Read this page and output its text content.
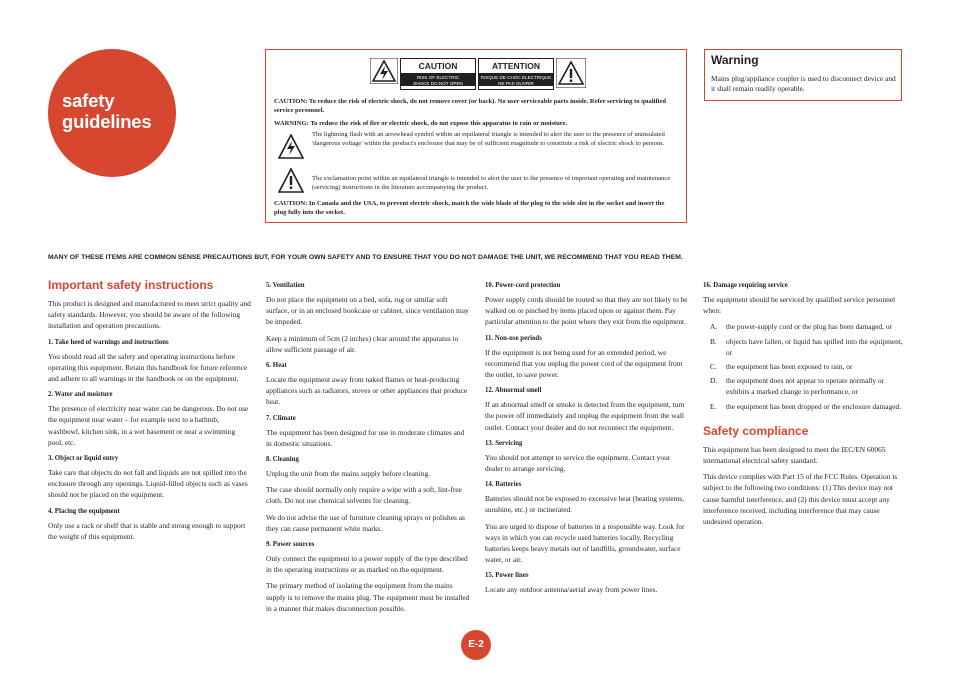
safety guidelines
CAUTION
RISK OF ELECTRIC
SHOCK DO NOT OPEN
ATTENTION
RISQUE DE CHOC ELECTRIQUE
NE PAS OUVRIR
CAUTION: To reduce the risk of electric shock, do not remove cover (or back). No user serviceable parts inside. Refer servicing to qualified service personnel.
WARNING: To reduce the risk of fire or electric shock, do not expose this apparatus to rain or moisture.
The lightning flash with an arrowhead symbol within an equilateral triangle is intended to alert the user to the presence of uninsulated 'dangerous voltage' within the product's enclosure that may be of sufficient magnitude to constitute a risk of electric shock to persons.
The exclamation point within an equilateral triangle is intended to alert the user to the presence of important operating and maintenance (servicing) instructions in the literature accompanying the product.
CAUTION: In Canada and the USA, to prevent electric shock, match the wide blade of the plug to the wide slot in the socket and insert the plug fully into the socket.
Warning
Mains plug/appliance coupler is used to disconnect device and it shall remain readily operable.
MANY OF THESE ITEMS ARE COMMON SENSE PRECAUTIONS BUT, FOR YOUR OWN SAFETY AND TO ENSURE THAT YOU DO NOT DAMAGE THE UNIT, WE RECOMMEND THAT YOU READ THEM.
Important safety instructions
This product is designed and manufactured to meet strict quality and safety standards. However, you should be aware of the following installation and operation precautions.
1. Take heed of warnings and instructions
You should read all the safety and operating instructions before operating this equipment. Retain this handbook for future reference and adhere to all warnings in the handbook or on the equipment.
2. Water and moisture
The presence of electricity near water can be dangerous. Do not use the equipment near water – for example next to a bathtub, washbowl, kitchen sink, in a wet basement or near a swimming pool, etc.
3. Object or liquid entry
Take care that objects do not fall and liquids are not spilled into the enclosure through any openings. Liquid-filled objects such as vases should not be placed on the equipment.
4. Placing the equipment
Only use a rack or shelf that is stable and strong enough to support the weight of this equipment.
5. Ventilation
Do not place the equipment on a bed, sofa, rug or similar soft surface, or in an enclosed bookcase or cabinet, since ventilation may be impeded.
Keep a minimum of 5cm (2 inches) clear around the apparatus to allow sufficient passage of air.
6. Heat
Locate the equipment away from naked flames or heat-producing appliances such as radiators, stoves or other appliances that produce heat.
7. Climate
The equipment has been designed for use in moderate climates and in domestic situations.
8. Cleaning
Unplug the unit from the mains supply before cleaning.
The case should normally only require a wipe with a soft, lint-free cloth. Do not use chemical solvents for cleaning.
We do not advise the use of furniture cleaning sprays or polishes as they can cause permanent white marks.
9. Power sources
Only connect the equipment to a power supply of the type described in the operating instructions or as marked on the equipment.
The primary method of isolating the equipment from the mains supply is to remove the mains plug. The equipment must be installed in a manner that makes disconnection possible.
10. Power-cord protection
Power supply cords should be routed so that they are not likely to be walked on or pinched by items placed upon or against them. Pay particular attention to the point where they exit from the equipment.
11. Non-use periods
If the equipment is not being used for an extended period, we recommend that you unplug the power cord of the equipment from the outlet, to save power.
12. Abnormal smell
If an abnormal smell or smoke is detected from the equipment, turn the power off immediately and unplug the equipment from the wall outlet. Contact your dealer and do not reconnect the equipment.
13. Servicing
You should not attempt to service the equipment. Contact your dealer to arrange servicing.
14. Batteries
Batteries should not be exposed to excessive heat (heating systems, sunshine, etc.) or incinerated.
You are urged to dispose of batteries in a responsible way. Look for ways in which you can recycle used batteries locally. Recycling batteries keeps heavy metals out of landfills, groundwater, surface water, or air.
15. Power lines
Locate any outdoor antenna/aerial away from power lines.
16. Damage requiring service
The equipment should be serviced by qualified service personnel when:
A.	the power-supply cord or the plug has been damaged, or
B.	objects have fallen, or liquid has spilled into the equipment, or
C.	the equipment has been exposed to rain, or
D.	the equipment does not appear to operate normally or exhibits a marked change in performance, or
E.	the equipment has been dropped or the enclosure damaged.
Safety compliance
This equipment has been designed to meet the IEC/EN 60065 international electrical safety standard.
This device complies with Part 15 of the FCC Rules. Operation is subject to the following two conditions: (1) This device may not cause harmful interference, and (2) this device must accept any interference received, including interference that may cause undesired operation.
E-2
